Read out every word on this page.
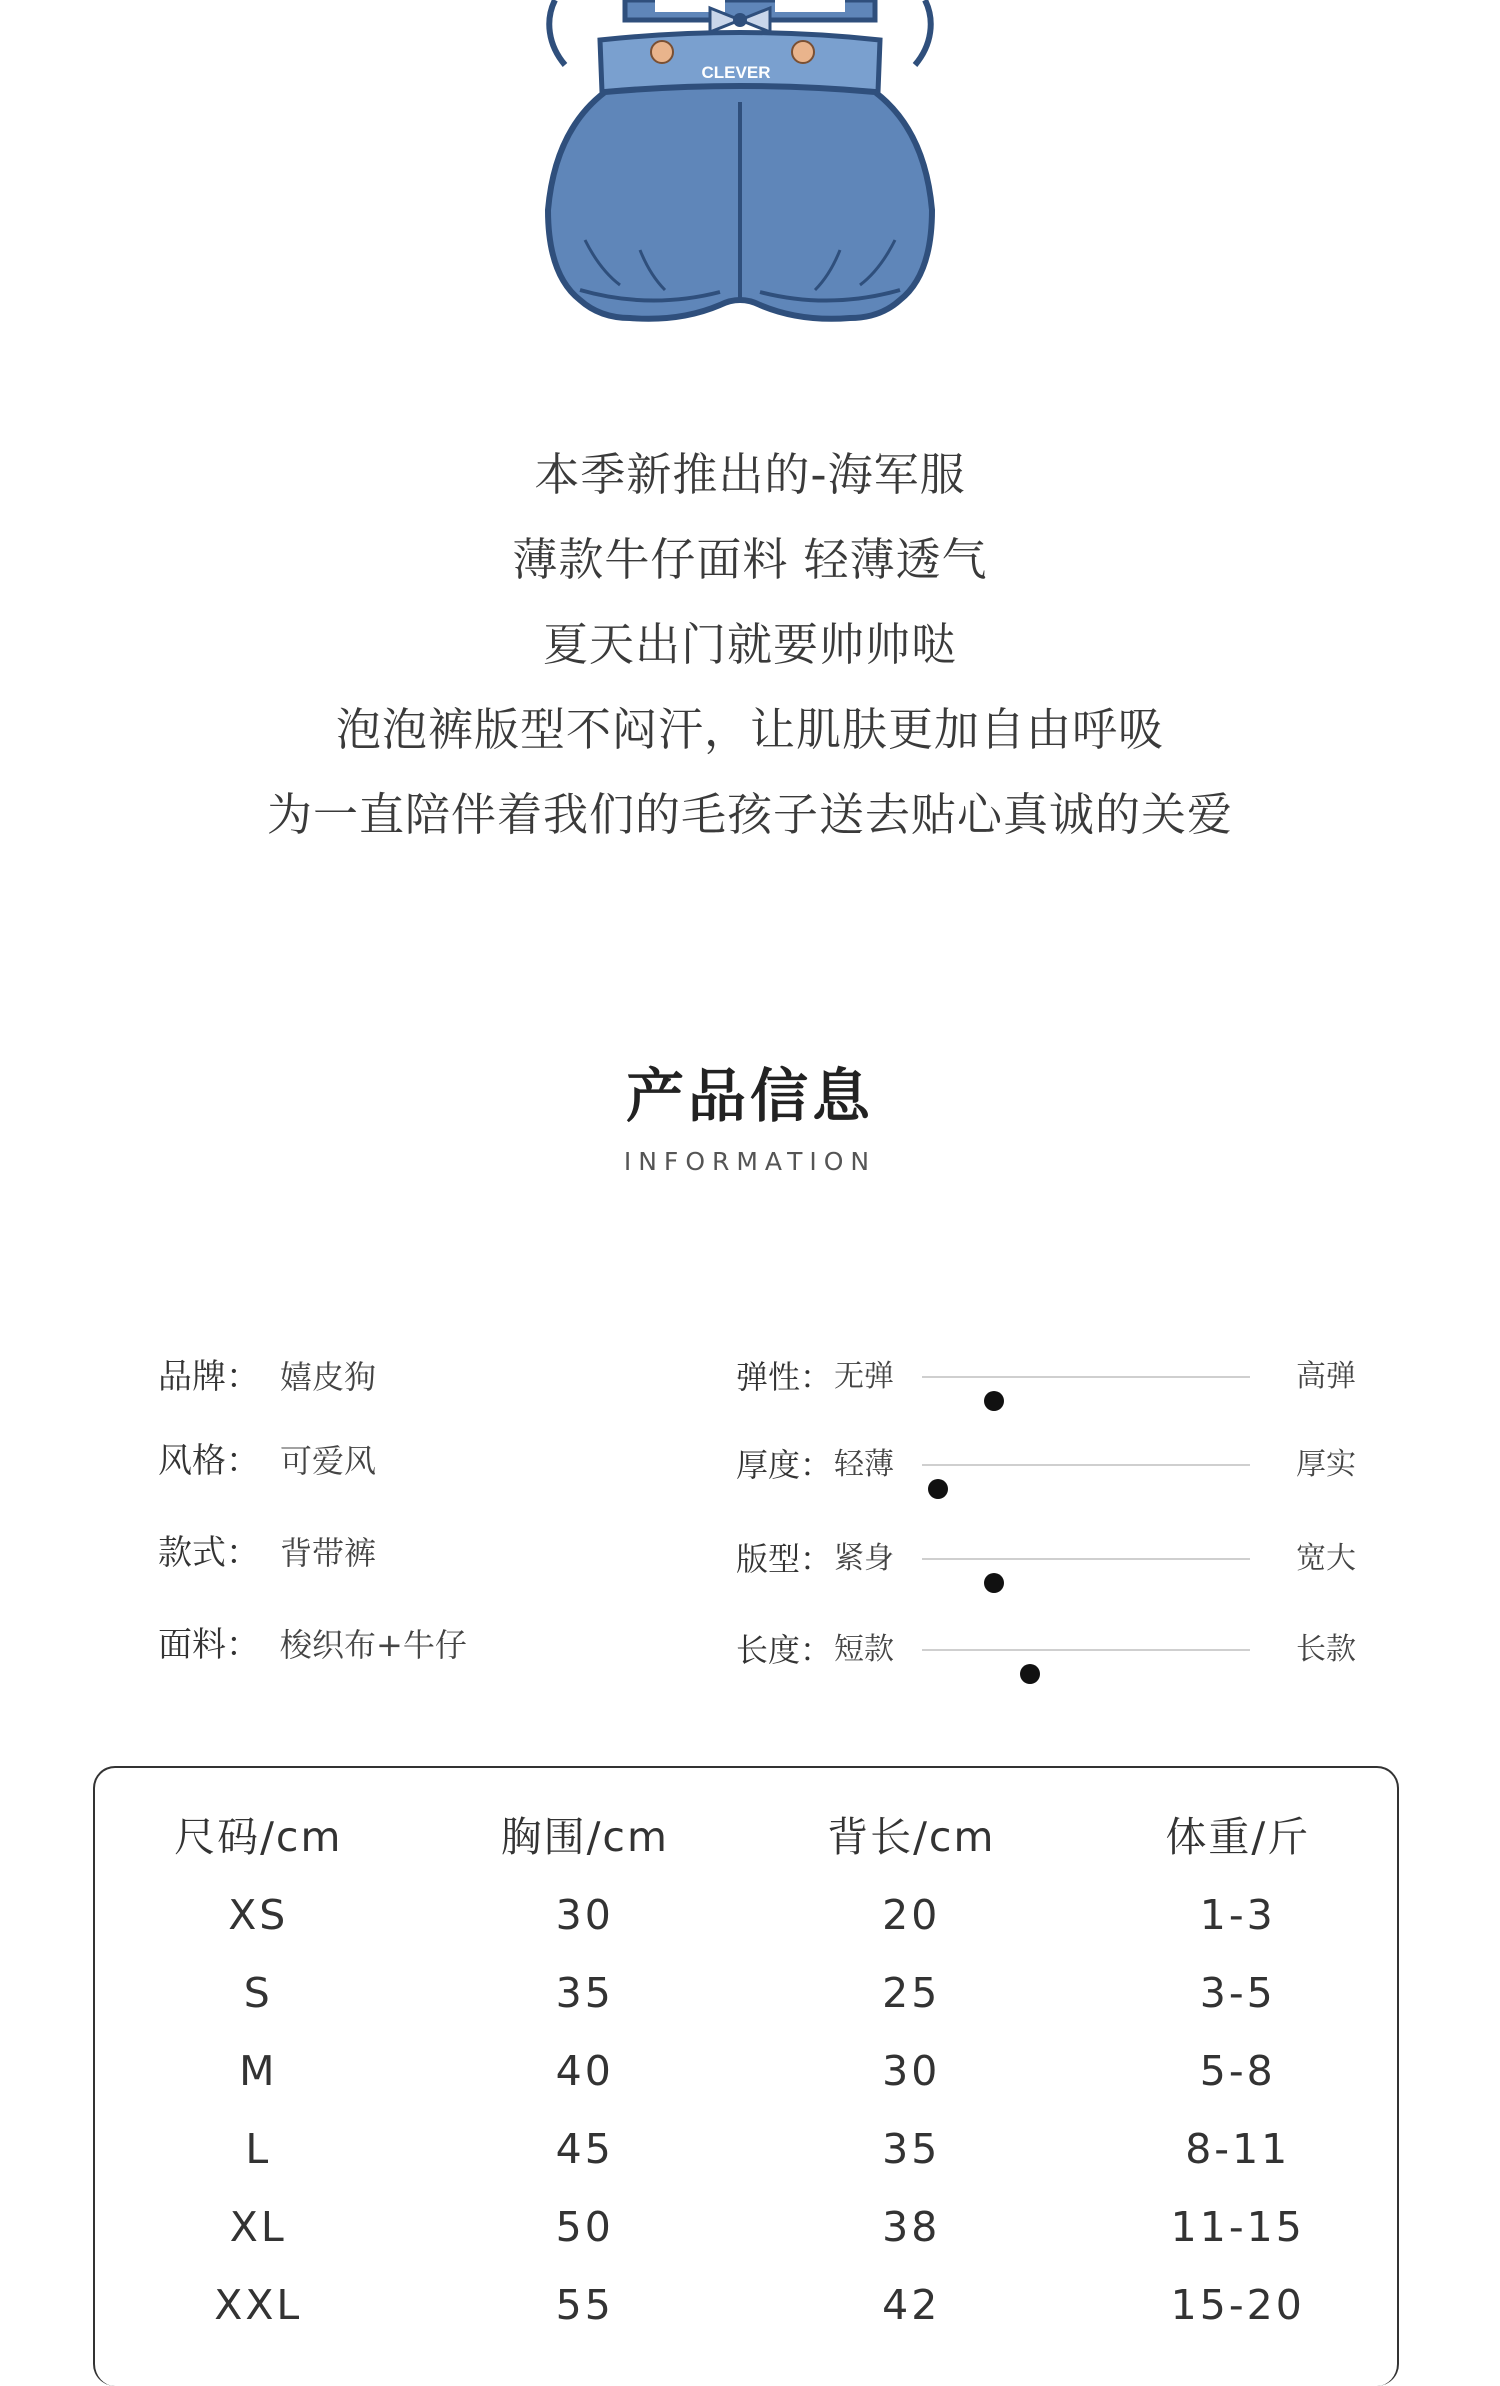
CLEVER
本季新推出的-海军服
薄款牛仔面料 轻薄透气
夏天出门就要帅帅哒
泡泡裤版型不闷汗，让肌肤更加自由呼吸
为一直陪伴着我们的毛孩子送去贴心真诚的关爱
产品信息
INFORMATION
品牌： 嬉皮狗
风格： 可爱风
款式： 背带裤
面料： 梭织布+牛仔
弹性： 无弹	高弹
厚度： 轻薄	厚实
版型： 紧身	宽大
长度： 短款	长款
尺码/cm	胸围/cm	背长/cm	体重/斤
XS	30	20	1-3
S	35	25	3-5
M	40	30	5-8
L	45	35	8-11
XL	50	38	11-15
XXL	55	42	15-20
